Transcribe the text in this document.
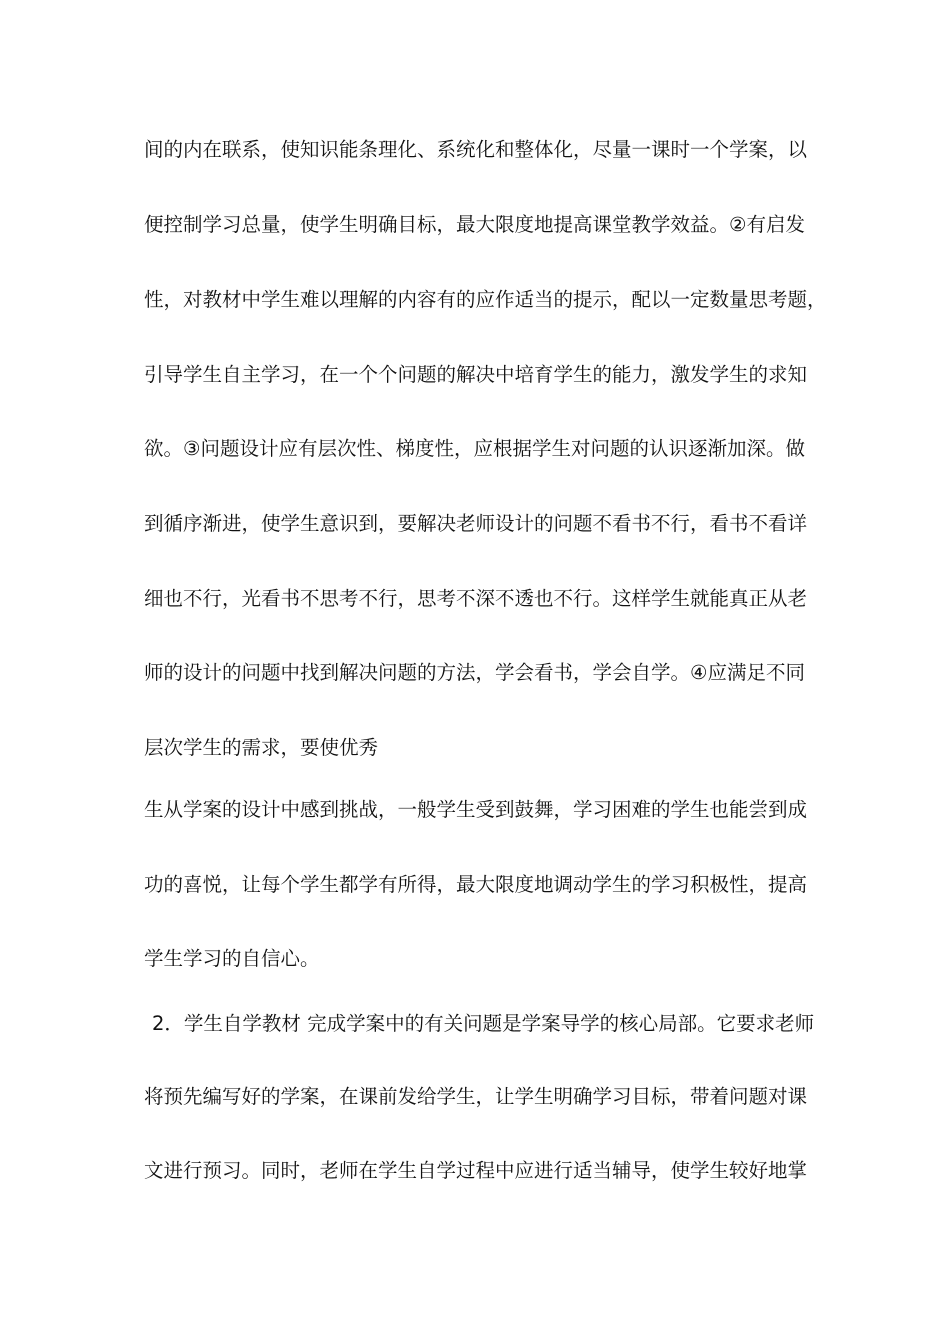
间的内在联系，使知识能条理化、系统化和整体化，尽量一课时一个学案，以
便控制学习总量，使学生明确目标，最大限度地提高课堂教学效益。②有启发
性，对教材中学生难以理解的内容有的应作适当的提示，配以一定数量思考题，
引导学生自主学习，在一个个问题的解决中培育学生的能力，激发学生的求知
欲。③问题设计应有层次性、梯度性，应根据学生对问题的认识逐渐加深。做
到循序渐进，使学生意识到，要解决老师设计的问题不看书不行，看书不看详
细也不行，光看书不思考不行，思考不深不透也不行。这样学生就能真正从老
师的设计的问题中找到解决问题的方法，学会看书，学会自学。④应满足不同
层次学生的需求，要使优秀
生从学案的设计中感到挑战，一般学生受到鼓舞，学习困难的学生也能尝到成
功的喜悦，让每个学生都学有所得，最大限度地调动学生的学习积极性，提高
学生学习的自信心。
2．学生自学教材 完成学案中的有关问题是学案导学的核心局部。它要求老师
将预先编写好的学案，在课前发给学生，让学生明确学习目标，带着问题对课
文进行预习。同时，老师在学生自学过程中应进行适当辅导，使学生较好地掌
